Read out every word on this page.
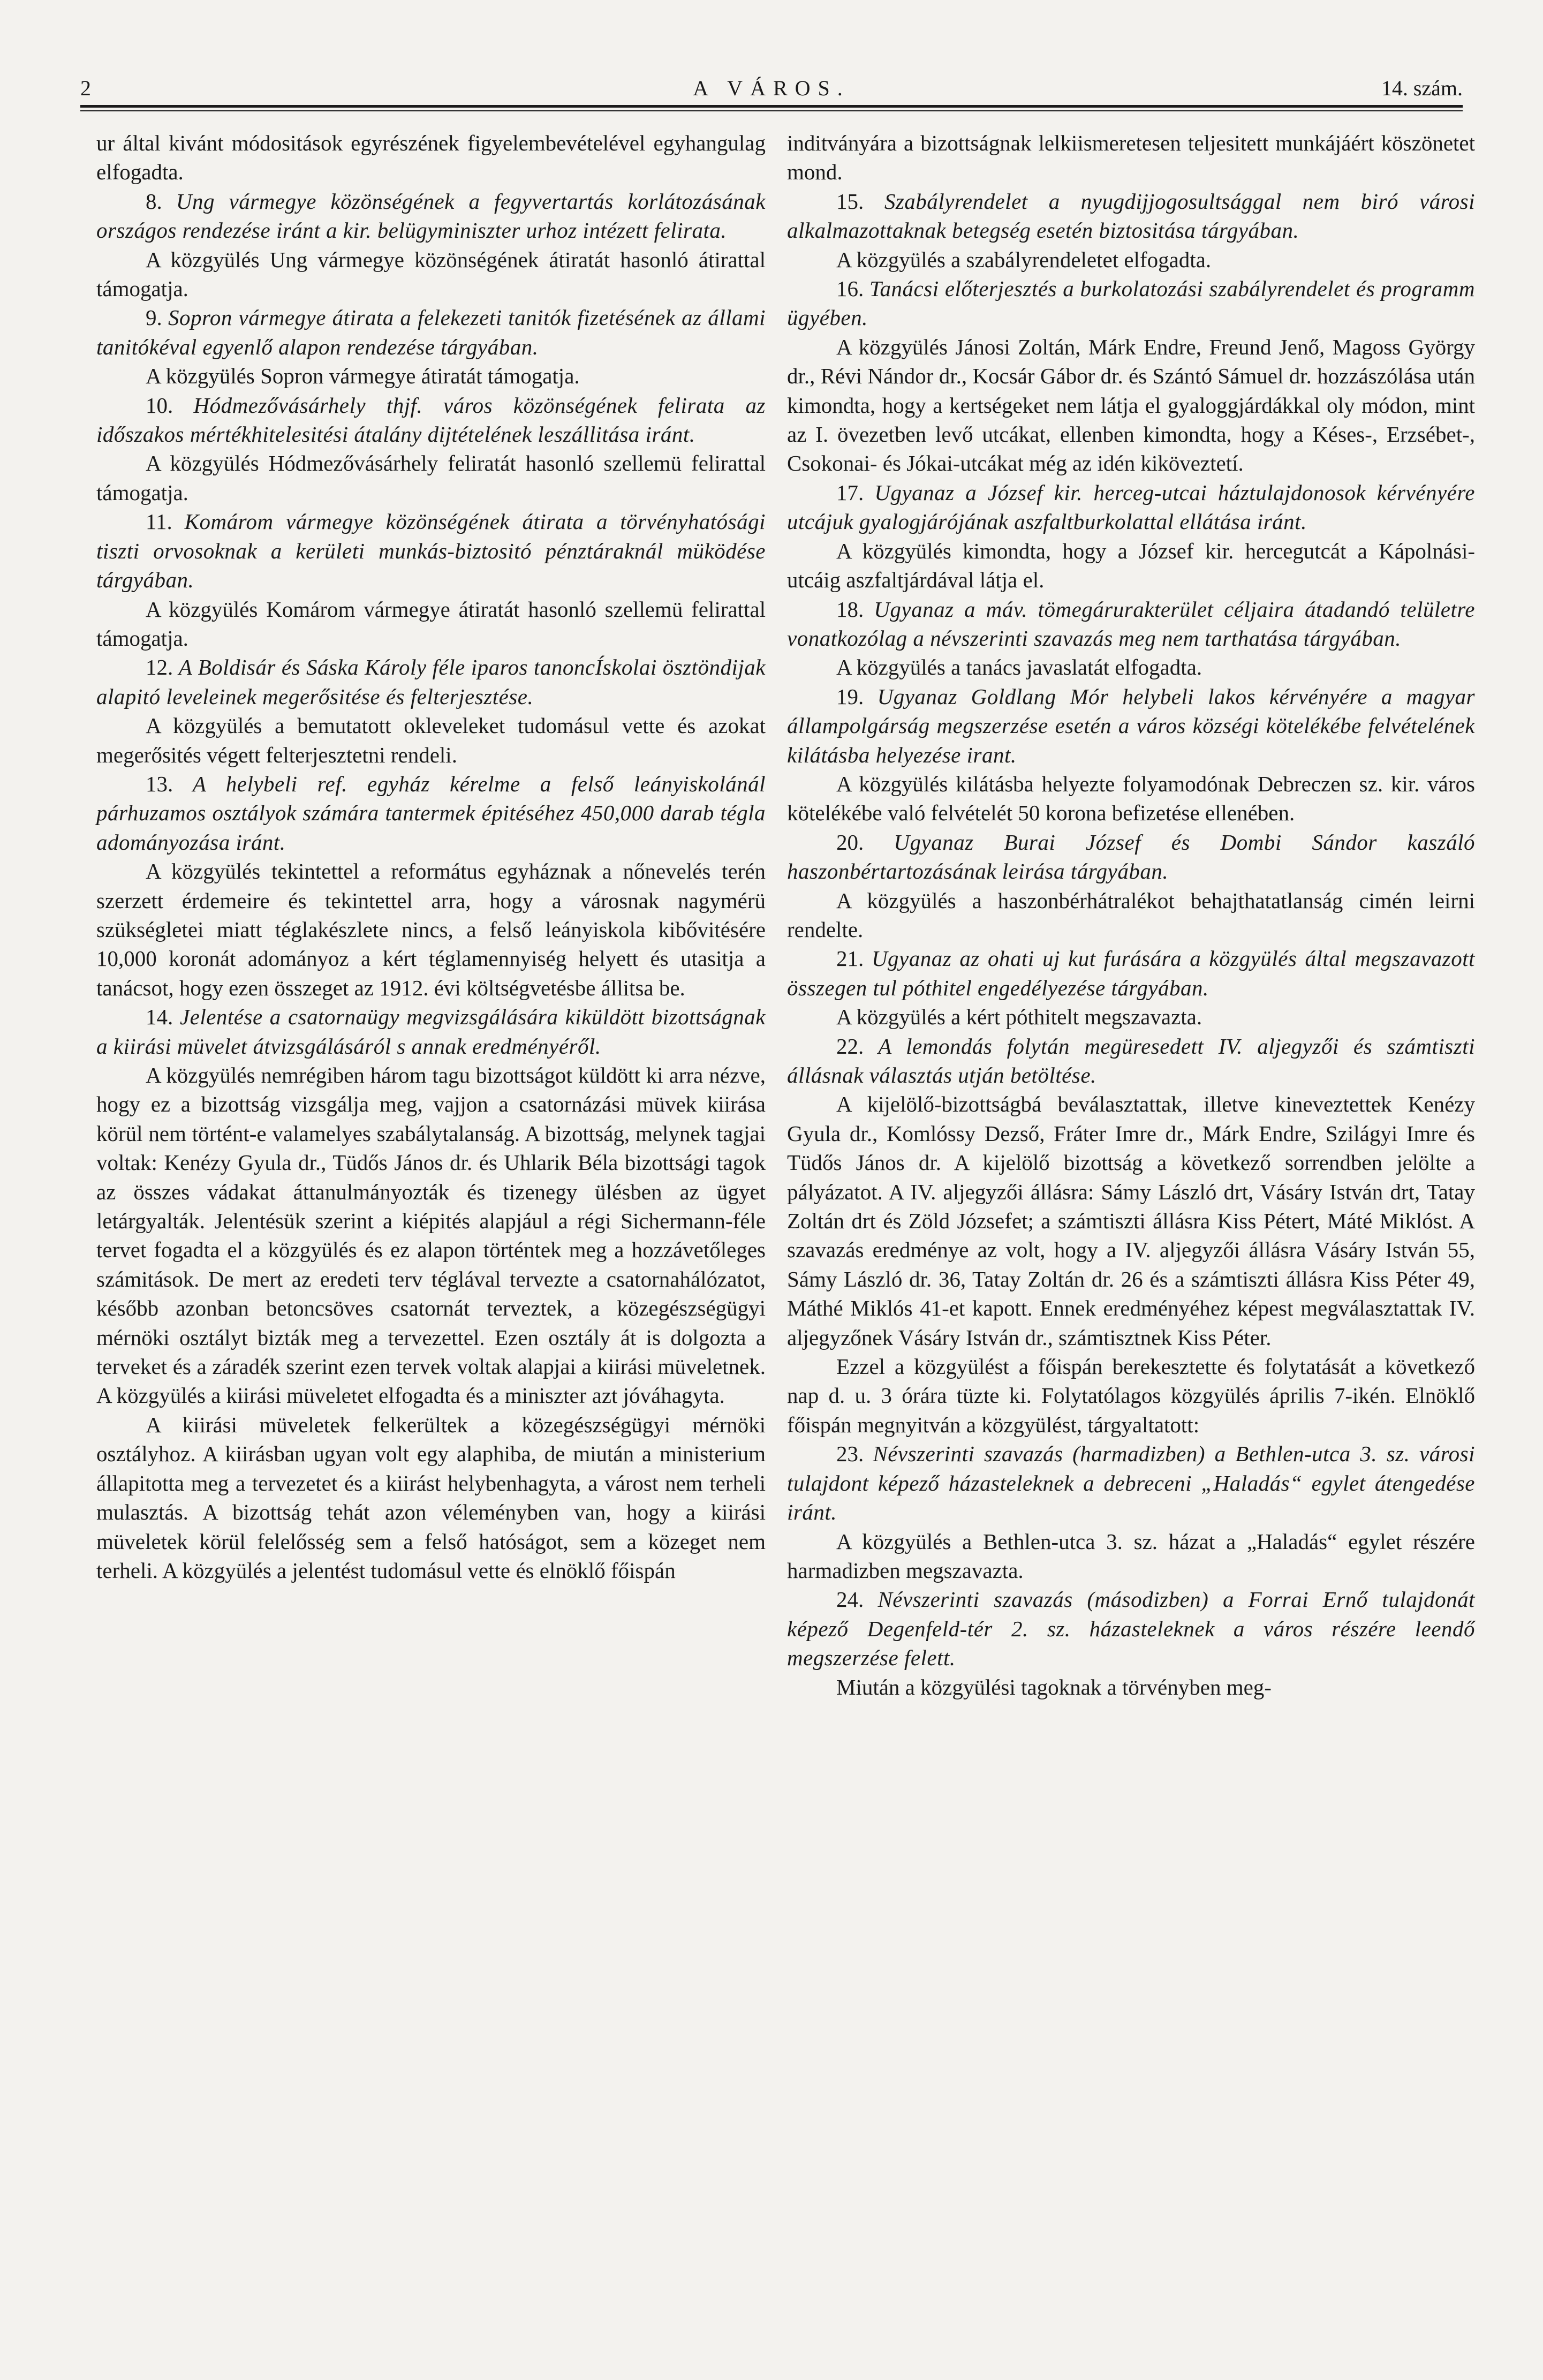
2	A VÁROS.	14. szám.

ur által kivánt módositások egyrészének figyelembevételével egyhangulag elfogadta.

8. Ung vármegye közönségének a fegyvertartás korlátozásának országos rendezése iránt a kir. belügyminiszter urhoz intézett felirata.

A közgyülés Ung vármegye közönségének átiratát hasonló átirattal támogatja.

9. Sopron vármegye átirata a felekezeti tanitók fizetésének az állami tanitókéval egyenlő alapon rendezése tárgyában.

A közgyülés Sopron vármegye átiratát támogatja.

10. Hódmezővásárhely thjf. város közönségének felirata az időszakos mértékhitelesitési átalány dijtételének leszállitása iránt.

A közgyülés Hódmezővásárhely feliratát hasonló szellemü felirattal támogatja.

11. Komárom vármegye közönségének átirata a törvényhatósági tiszti orvosoknak a kerületi munkás-biztositó pénztáraknál müködése tárgyában.

A közgyülés Komárom vármegye átiratát hasonló szellemü felirattal támogatja.

12. A Boldisár és Sáska Károly féle iparos tanoncÍskolai ösztöndijak alapitó leveleinek megerősitése és felterjesztése.

A közgyülés a bemutatott okleveleket tudomásul vette és azokat megerősités végett felterjesztetni rendeli.

13. A helybeli ref. egyház kérelme a felső leányiskolánál párhuzamos osztályok számára tantermek épitéséhez 450,000 darab tégla adományozása iránt.

A közgyülés tekintettel a református egyháznak a nőnevelés terén szerzett érdemeire és tekintettel arra, hogy a városnak nagymérü szükségletei miatt téglakészlete nincs, a felső leányiskola kibővitésére 10,000 koronát adományoz a kért téglamennyiség helyett és utasitja a tanácsot, hogy ezen összeget az 1912. évi költségvetésbe állitsa be.

14. Jelentése a csatornaügy megvizsgálására kiküldött bizottságnak a kiirási müvelet átvizsgálásáról s annak eredményéről.

A közgyülés nemrégiben három tagu bizottságot küldött ki arra nézve, hogy ez a bizottság vizsgálja meg, vajjon a csatornázási müvek kiirása körül nem történt-e valamelyes szabálytalanság. A bizottság, melynek tagjai voltak: Kenézy Gyula dr., Tüdős János dr. és Uhlarik Béla bizottsági tagok az összes vádakat áttanulmányozták és tizenegy ülésben az ügyet letárgyalták. Jelentésük szerint a kiépités alapjául a régi Sichermann-féle tervet fogadta el a közgyülés és ez alapon történtek meg a hozzávetőleges számitások. De mert az eredeti terv téglával tervezte a csatornahálózatot, később azonban betoncsöves csatornát terveztek, a közegészségügyi mérnöki osztályt bizták meg a tervezettel. Ezen osztály át is dolgozta a terveket és a záradék szerint ezen tervek voltak alapjai a kiirási müveletnek. A közgyülés a kiirási müveletet elfogadta és a miniszter azt jóváhagyta.

A kiirási müveletek felkerültek a közegészségügyi mérnöki osztályhoz. A kiirásban ugyan volt egy alaphiba, de miután a ministerium állapitotta meg a tervezetet és a kiirást helybenhagyta, a várost nem terheli mulasztás. A bizottság tehát azon véleményben van, hogy a kiirási müveletek körül felelősség sem a felső hatóságot, sem a közeget nem terheli. A közgyülés a jelentést tudomásul vette és elnöklő főispán

inditványára a bizottságnak lelkiismeretesen teljesitett munkájáért köszönetet mond.

15. Szabályrendelet a nyugdijjogosultsággal nem biró városi alkalmazottaknak betegség esetén biztositása tárgyában.

A közgyülés a szabályrendeletet elfogadta.

16. Tanácsi előterjesztés a burkolatozási szabályrendelet és programm ügyében.

A közgyülés Jánosi Zoltán, Márk Endre, Freund Jenő, Magoss György dr., Révi Nándor dr., Kocsár Gábor dr. és Szántó Sámuel dr. hozzászólása után kimondta, hogy a kertségeket nem látja el gyaloggjárdákkal oly módon, mint az I. övezetben levő utcákat, ellenben kimondta, hogy a Késes-, Erzsébet-, Csokonai- és Jókai-utcákat még az idén kiköveztetí.

17. Ugyanaz a József kir. herceg-utcai háztulajdonosok kérvényére utcájuk gyalogjárójának aszfaltburkolattal ellátása iránt.

A közgyülés kimondta, hogy a József kir. hercegutcát a Kápolnási-utcáig aszfaltjárdával látja el.

18. Ugyanaz a máv. tömegárurakterület céljaira átadandó telületre vonatkozólag a névszerinti szavazás meg nem tarthatása tárgyában.

A közgyülés a tanács javaslatát elfogadta.

19. Ugyanaz Goldlang Mór helybeli lakos kérvényére a magyar állampolgárság megszerzése esetén a város községi kötelékébe felvételének kilátásba helyezése irant.

A közgyülés kilátásba helyezte folyamodónak Debreczen sz. kir. város kötelékébe való felvételét 50 korona befizetése ellenében.

20. Ugyanaz Burai József és Dombi Sándor kaszáló haszonbértartozásának leirása tárgyában.

A közgyülés a haszonbérhátralékot behajthatatlanság cimén leirni rendelte.

21. Ugyanaz az ohati uj kut furására a közgyülés által megszavazott összegen tul póthitel engedélyezése tárgyában.

A közgyülés a kért póthitelt megszavazta.

22. A lemondás folytán megüresedett IV. aljegyzői és számtiszti állásnak választás utján betöltése.

A kijelölő-bizottságbá beválasztattak, illetve kineveztettek Kenézy Gyula dr., Komlóssy Dezső, Fráter Imre dr., Márk Endre, Szilágyi Imre és Tüdős János dr. A kijelölő bizottság a következő sorrendben jelölte a pályázatot. A IV. aljegyzői állásra: Sámy László drt, Vásáry István drt, Tatay Zoltán drt és Zöld Józsefet; a számtiszti állásra Kiss Pétert, Máté Miklóst. A szavazás eredménye az volt, hogy a IV. aljegyzői állásra Vásáry István 55, Sámy László dr. 36, Tatay Zoltán dr. 26 és a számtiszti állásra Kiss Péter 49, Máthé Miklós 41-et kapott. Ennek eredményéhez képest megválasztattak IV. aljegyzőnek Vásáry István dr., számtisztnek Kiss Péter.

Ezzel a közgyülést a főispán berekesztette és folytatását a következő nap d. u. 3 órára tüzte ki. Folytatólagos közgyülés április 7-ikén. Elnöklő főispán megnyitván a közgyülést, tárgyaltatott:

23. Névszerinti szavazás (harmadizben) a Bethlen-utca 3. sz. városi tulajdont képező házasteleknek a debreceni „Haladás“ egylet átengedése iránt.

A közgyülés a Bethlen-utca 3. sz. házat a „Haladás“ egylet részére harmadizben megszavazta.

24. Névszerinti szavazás (másodizben) a Forrai Ernő tulajdonát képező Degenfeld-tér 2. sz. házasteleknek a város részére leendő megszerzése felett.

Miután a közgyülési tagoknak a törvényben meg-
